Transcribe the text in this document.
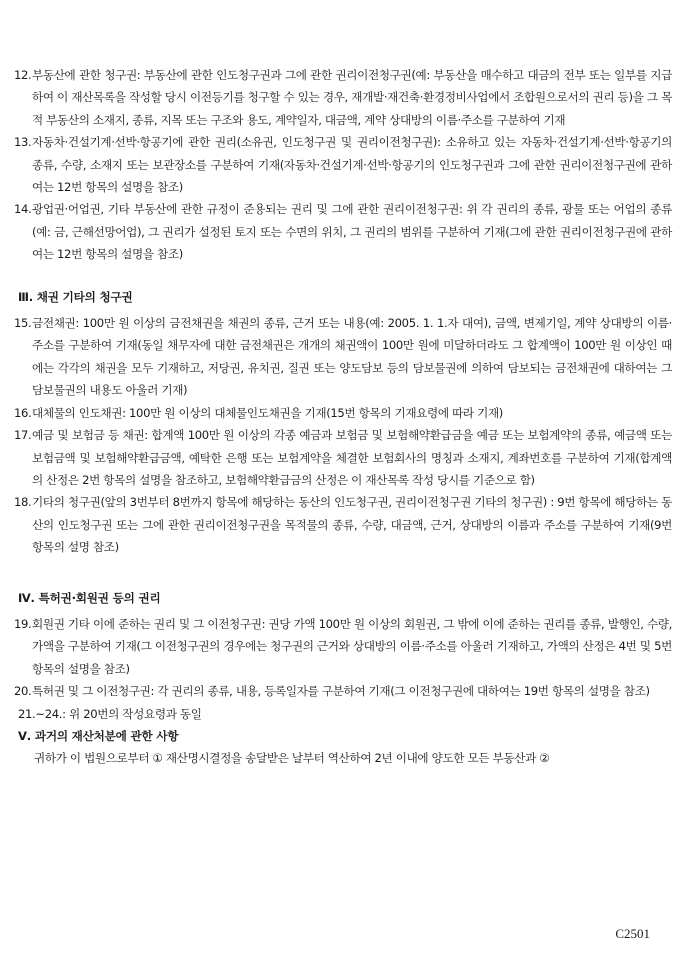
12. 부동산에 관한 청구권: 부동산에 관한 인도청구권과 그에 관한 권리이전청구권(예: 부동산을 매수하고 대금의 전부 또는 일부를 지급하여 이 재산목록을 작성할 당시 이전등기를 청구할 수 있는 경우, 재개발·재건축·환경정비사업에서 조합원으로서의 권리 등)을 그 목적 부동산의 소재지, 종류, 지목 또는 구조와 용도, 계약일자, 대금액, 계약 상대방의 이름·주소를 구분하여 기재

13. 자동차·건설기계·선박·항공기에 관한 권리(소유권, 인도청구권 및 권리이전청구권): 소유하고 있는 자동차·건설기계·선박·항공기의 종류, 수량, 소재지 또는 보관장소를 구분하여 기재(자동차·건설기계·선박·항공기의 인도청구권과 그에 관한 권리이전청구권에 관하여는 12번 항목의 설명을 참조)

14. 광업권·어업권, 기타 부동산에 관한 규정이 준용되는 권리 및 그에 관한 권리이전청구권: 위 각 권리의 종류, 광물 또는 어업의 종류(예: 금, 근해선망어업), 그 권리가 설정된 토지 또는 수면의 위치, 그 권리의 범위를 구분하여 기재(그에 관한 권리이전청구권에 관하여는 12번 항목의 설명을 참조)

Ⅲ. 채권 기타의 청구권

15. 금전채권: 100만 원 이상의 금전채권을 채권의 종류, 근거 또는 내용(예: 2005. 1. 1.자 대여), 금액, 변제기일, 계약 상대방의 이름·주소를 구분하여 기재(동일 채무자에 대한 금전채권은 개개의 채권액이 100만 원에 미달하더라도 그 합계액이 100만 원 이상인 때에는 각각의 채권을 모두 기재하고, 저당권, 유치권, 질권 또는 양도담보 등의 담보물권에 의하여 담보되는 금전채권에 대하여는 그 담보물권의 내용도 아울러 기재)

16. 대체물의 인도채권: 100만 원 이상의 대체물인도채권을 기재(15번 항목의 기재요령에 따라 기재)

17. 예금 및 보험금 등 채권: 합계액 100만 원 이상의 각종 예금과 보험금 및 보험해약환급금을 예금 또는 보험계약의 종류, 예금액 또는 보험금액 및 보험해약환급금액, 예탁한 은행 또는 보험계약을 체결한 보험회사의 명칭과 소재지, 계좌번호를 구분하여 기재(합계액의 산정은 2번 항목의 설명을 참조하고, 보험해약환급금의 산정은 이 재산목록 작성 당시를 기준으로 함)

18. 기타의 청구권(앞의 3번부터 8번까지 항목에 해당하는 동산의 인도청구권, 권리이전청구권 기타의 청구권) : 9번 항목에 해당하는 동산의 인도청구권 또는 그에 관한 권리이전청구권을 목적물의 종류, 수량, 대금액, 근거, 상대방의 이름과 주소를 구분하여 기재(9번 항목의 설명 참조)

Ⅳ. 특허권·회원권 등의 권리

19. 회원권 기타 이에 준하는 권리 및 그 이전청구권: 권당 가액 100만 원 이상의 회원권, 그 밖에 이에 준하는 권리를 종류, 발행인, 수량, 가액을 구분하여 기재(그 이전청구권의 경우에는 청구권의 근거와 상대방의 이름·주소를 아울러 기재하고, 가액의 산정은 4번 및 5번 항목의 설명을 참조)

20. 특허권 및 그 이전청구권: 각 권리의 종류, 내용, 등록일자를 구분하여 기재(그 이전청구권에 대하여는 19번 항목의 설명을 참조)

21.~24.: 위 20번의 작성요령과 동일

Ⅴ. 과거의 재산처분에 관한 사항

귀하가 이 법원으로부터 ① 재산명시결정을 송달받은 날부터 역산하여 2년 이내에 양도한 모든 부동산과 ②

C2501
